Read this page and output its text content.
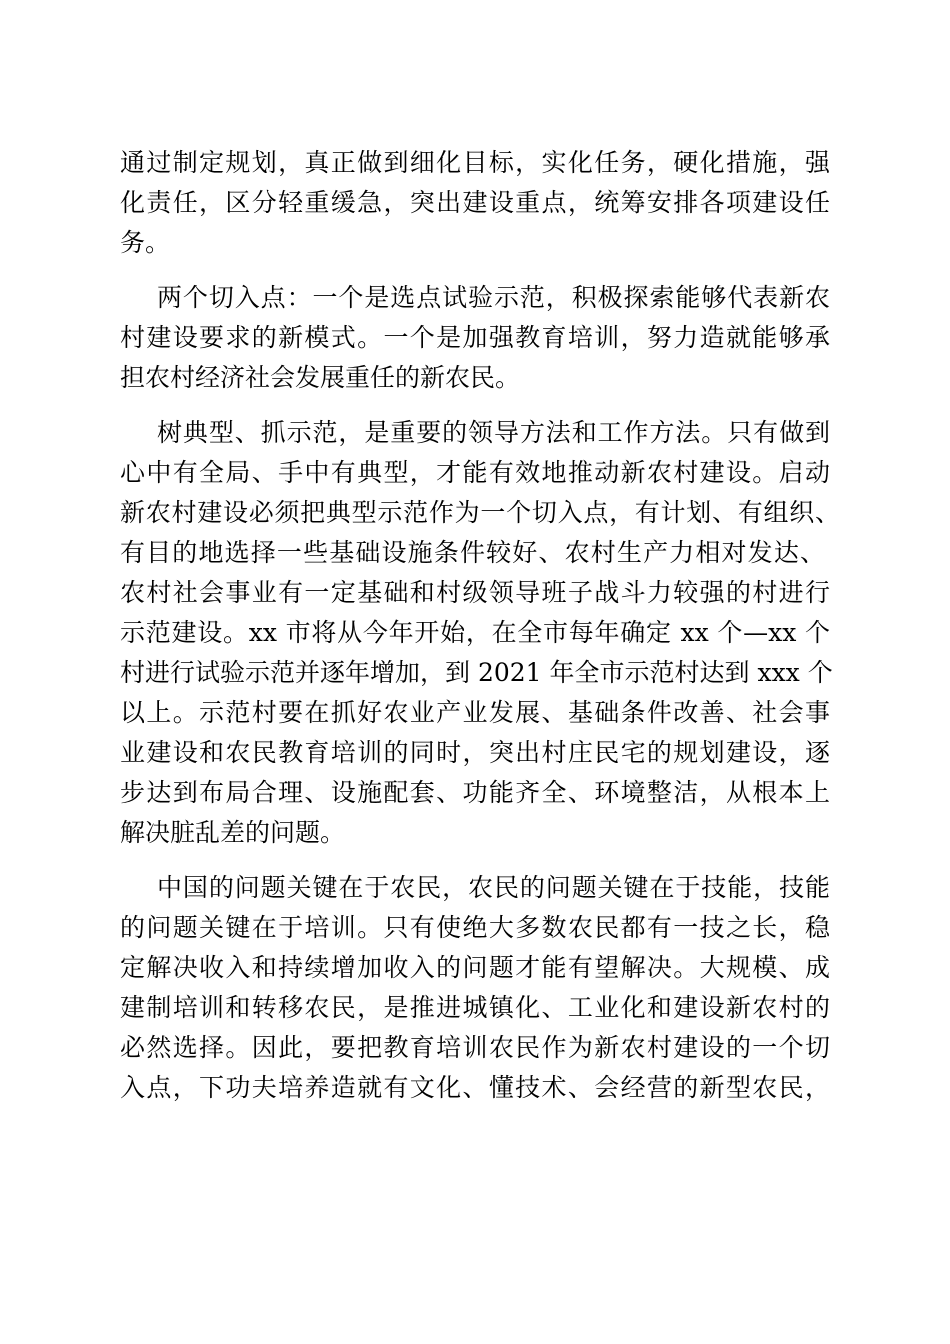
通过制定规划，真正做到细化目标，实化任务，硬化措施，强
化责任，区分轻重缓急，突出建设重点，统筹安排各项建设任
务。
两个切入点：一个是选点试验示范，积极探索能够代表新农
村建设要求的新模式。一个是加强教育培训，努力造就能够承
担农村经济社会发展重任的新农民。
树典型、抓示范，是重要的领导方法和工作方法。只有做到
心中有全局、手中有典型，才能有效地推动新农村建设。启动
新农村建设必须把典型示范作为一个切入点，有计划、有组织、
有目的地选择一些基础设施条件较好、农村生产力相对发达、
农村社会事业有一定基础和村级领导班子战斗力较强的村进行
示范建设。xx 市将从今年开始，在全市每年确定 xx 个—xx 个
村进行试验示范并逐年增加，到 2021 年全市示范村达到 xxx 个
以上。示范村要在抓好农业产业发展、基础条件改善、社会事
业建设和农民教育培训的同时，突出村庄民宅的规划建设，逐
步达到布局合理、设施配套、功能齐全、环境整洁，从根本上
解决脏乱差的问题。
中国的问题关键在于农民，农民的问题关键在于技能，技能
的问题关键在于培训。只有使绝大多数农民都有一技之长，稳
定解决收入和持续增加收入的问题才能有望解决。大规模、成
建制培训和转移农民，是推进城镇化、工业化和建设新农村的
必然选择。因此，要把教育培训农民作为新农村建设的一个切
入点，下功夫培养造就有文化、懂技术、会经营的新型农民，
